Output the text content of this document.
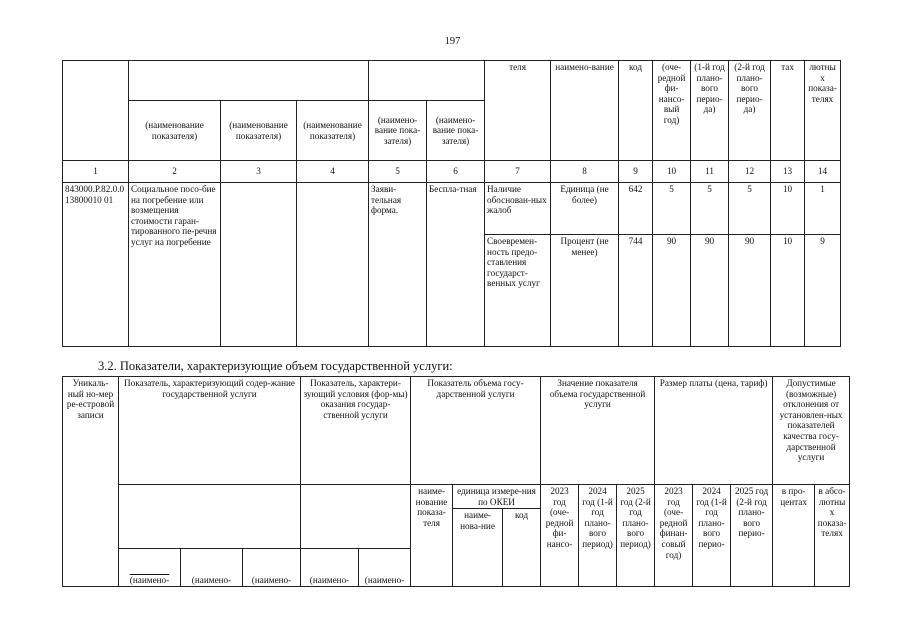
197
						теля	наимено-вание	код	(оче-редной фи-нансо-вый год)	(1-й год плано-вого перио-да)	(2-й год плано-вого перио-да)	тах	лютных показа-телях
	(наименование показателя)	(наименование показателя)	(наименование показателя)	(наимено-вание пока-зателя)	(наимено-вание пока-зателя)								
1	2	3	4	5	6	7	8	9	10	11	12	13	14
843000.Р.82.0.013800010 01	Социальное посо-бие на погребение или возмещения стоимости гаран-тированного пе-речня услуг на погребение			Заяви-тельная форма.	Беспла-тная	Наличие обоснован-ных жалоб	Единица (не более)	642	5	5	5	10	1
						Своевремен-ность предо-ставления государст-венных услуг	Процент (не менее)	744	90	90	90	10	9
3.2. Показатели, характеризующие объем государственной услуги:
Уникаль-ный но-мер ре-естровой записи	Показатель, характеризующий содер-жание государственной услуги			Показатель, характери-зующий условия (фор-мы) оказания государ-ственной услуги		Показатель объема госу-дарственной услуги			Значение показателя объема государственной услуги			Размер платы (цена, тариф)			Допустимые (возможные) отклонения от установлен-ных показателей качества госу-дарственной услуги	
						наиме-нование показа-теля	единица измере-ния по ОКЕИ		2023 год (оче-редной фи-нансо-	2024 год (1-й год плано-вого период)	2025 год (2-й год плано-вого период)	2023 год (оче-редной финан-совый год)	2024 год (1-й год плано-вого перио-	2025 год (2-й год плано-вого перио-	в про-центах	в абсо-лютных показа-телях
							наиме-нова-ние	код								
	(наимено-	(наимено-	(наимено-	(наимено-	(наимено-											
